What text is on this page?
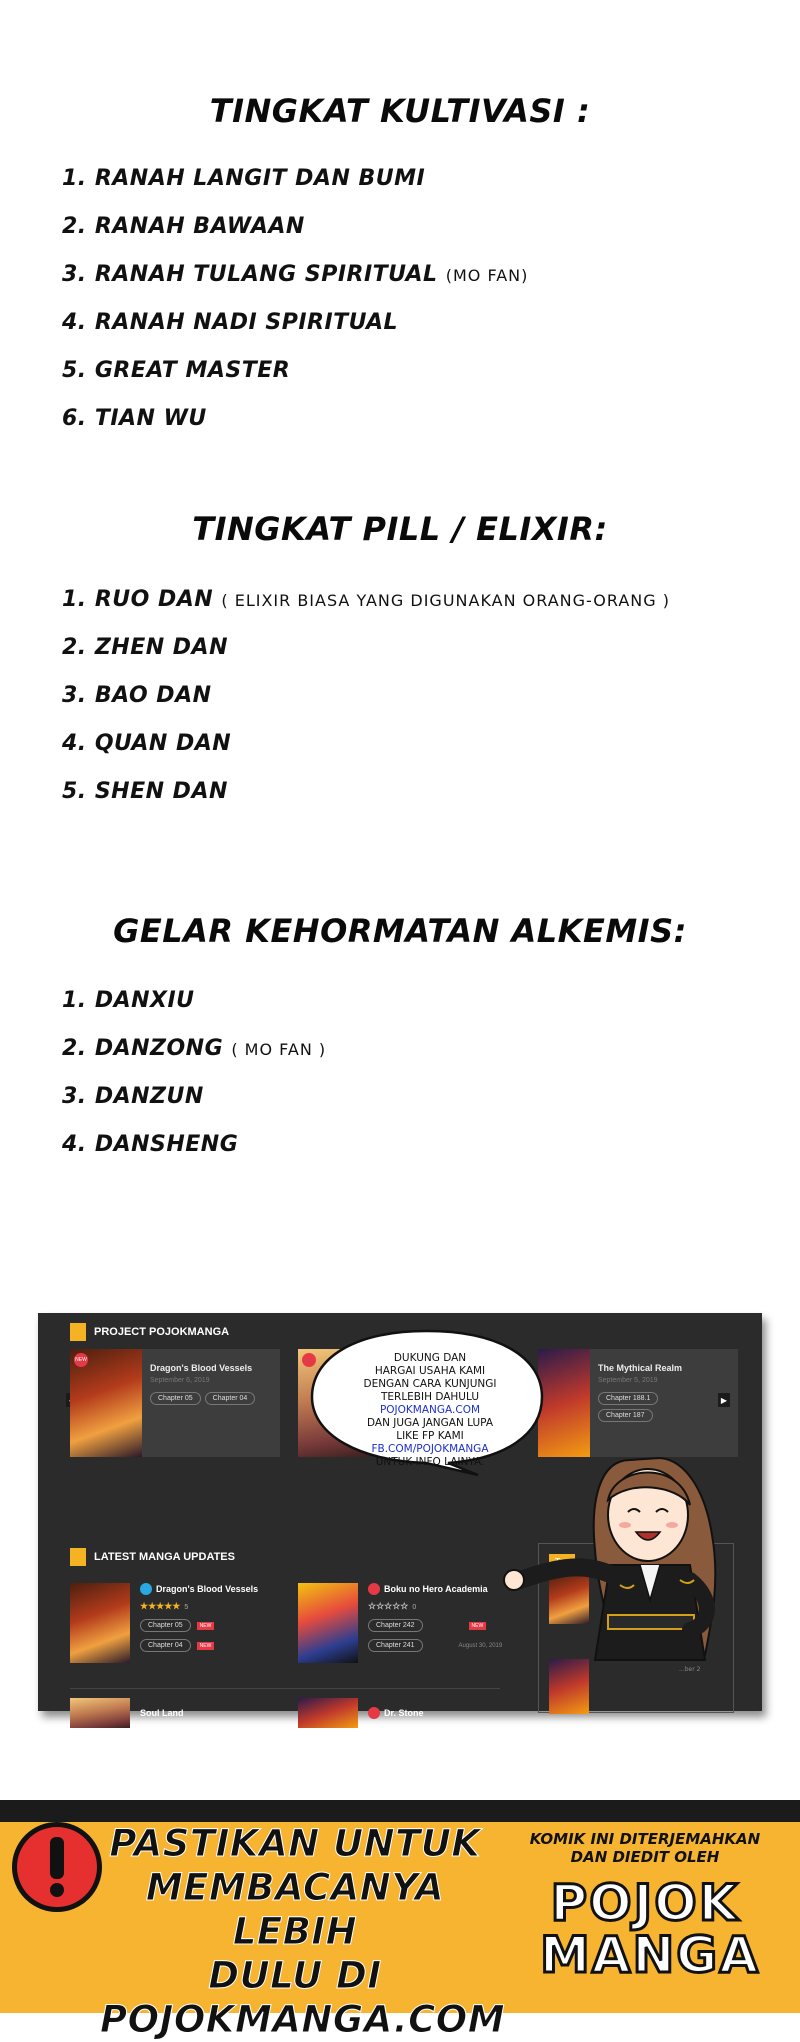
TINGKAT KULTIVASI :
1. RANAH LANGIT DAN BUMI
2. RANAH BAWAAN
3. RANAH TULANG SPIRITUAL (MO FAN)
4. RANAH NADI SPIRITUAL
5. GREAT MASTER
6. TIAN WU
TINGKAT PILL / ELIXIR:
1. RUO DAN ( ELIXIR BIASA YANG DIGUNAKAN ORANG-ORANG )
2. ZHEN DAN
3. BAO DAN
4. QUAN DAN
5. SHEN DAN
GELAR KEHORMATAN ALKEMIS:
1. DANXIU
2. DANZONG ( MO FAN )
3. DANZUN
4. DANSHENG
PROJECT POJOKMANGA
NEW
Dragon's Blood Vessels
September 6, 2019
Chapter 05	Chapter 04
The Mythical Realm
September 5, 2019
Chapter 188.1
Chapter 187
▶
LATEST MANGA UPDATES
Dragon's Blood Vessels
★★★★★ 5
Chapter 05	NEW
Chapter 04	NEW
Boku no Hero Academia
☆☆☆☆☆ 0
Chapter 242	NEW
Chapter 241	August 30, 2019
Soul Land	Dr. Stone
Top
...ber 2
DUKUNG DAN
HARGAI USAHA KAMI
DENGAN CARA KUNJUNGI
TERLEBIH DAHULU
POJOKMANGA.COM
DAN JUGA JANGAN LUPA
LIKE FP KAMI
FB.COM/POJOKMANGA
UNTUK INFO LAINYA.
PASTIKAN UNTUK
MEMBACANYA LEBIH
DULU DI
POJOKMANGA.COM
KOMIK INI DITERJEMAHKAN
DAN DIEDIT OLEH
POJOK
MANGA
